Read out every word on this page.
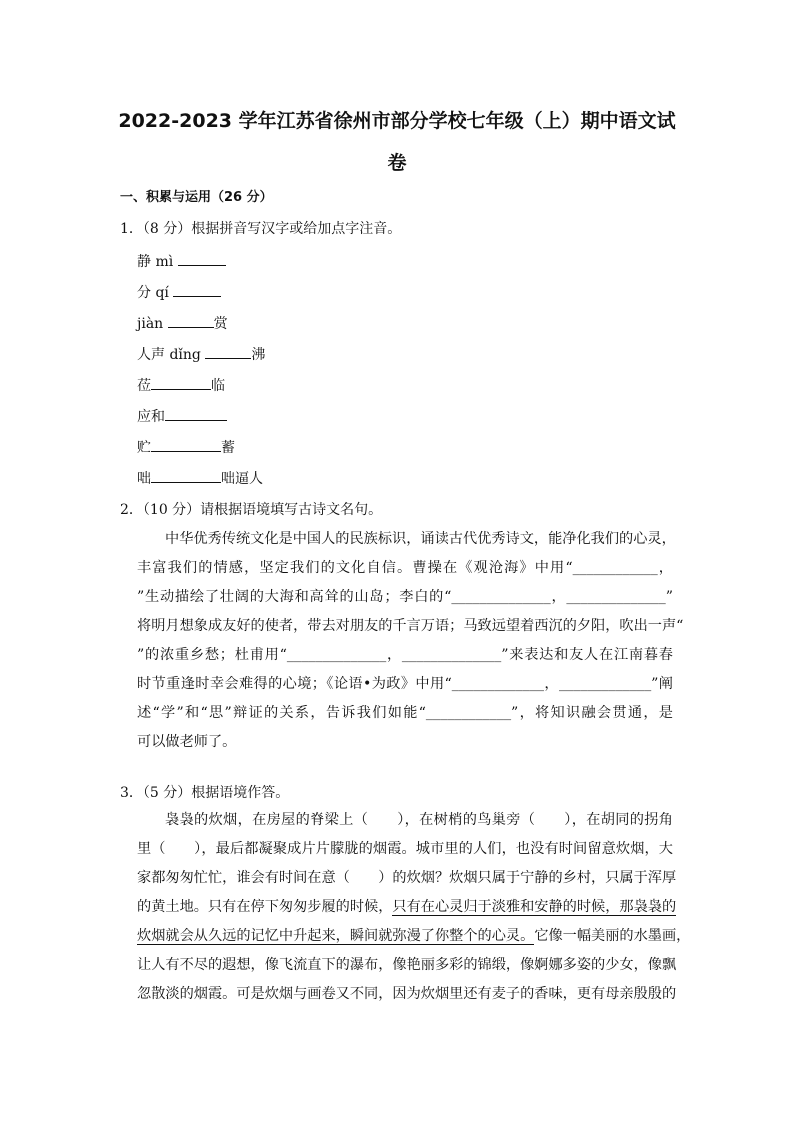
2022-2023 学年江苏省徐州市部分学校七年级（上）期中语文试
卷
一、积累与运用（26 分）
1．（8 分）根据拼音写汉字或给加点字注音。
静 mì
分 qí
jiàn	赏
人声 dǐng	沸
莅	临
应和
贮	蓄
咄	咄逼人
2．（10 分）请根据语境填写古诗文名句。
中华优秀传统文化是中国人的民族标识，诵读古代优秀诗文，能净化我们的心灵，
丰富我们的情感，坚定我们的文化自信。曹操在《观沧海》中用“____________，
”生动描绘了壮阔的大海和高耸的山岛；李白的“______________，______________”
将明月想象成友好的使者，带去对朋友的千言万语；马致远望着西沉的夕阳，吹出一声“
”的浓重乡愁；杜甫用“______________，______________”来表达和友人在江南暮春
时节重逢时幸会难得的心境；《论语•为政》中用“_____________，_____________”阐
述“学”和“思”辩证的关系，告诉我们如能“____________”，将知识融会贯通，是
可以做老师了。
3．（5 分）根据语境作答。
袅袅的炊烟，在房屋的脊梁上（　　），在树梢的鸟巢旁（　　），在胡同的拐角
里（　　），最后都凝聚成片片朦胧的烟霞。城市里的人们，也没有时间留意炊烟，大
家都匆匆忙忙，谁会有时间在意（　　）的炊烟？炊烟只属于宁静的乡村，只属于浑厚
的黄土地。只有在停下匆匆步履的时候，只有在心灵归于淡雅和安静的时候，那袅袅的
炊烟就会从久远的记忆中升起来，瞬间就弥漫了你整个的心灵。它像一幅美丽的水墨画，
让人有不尽的遐想，像飞流直下的瀑布，像艳丽多彩的锦缎，像婀娜多姿的少女，像飘
忽散淡的烟霞。可是炊烟与画卷又不同，因为炊烟里还有麦子的香味，更有母亲殷殷的
